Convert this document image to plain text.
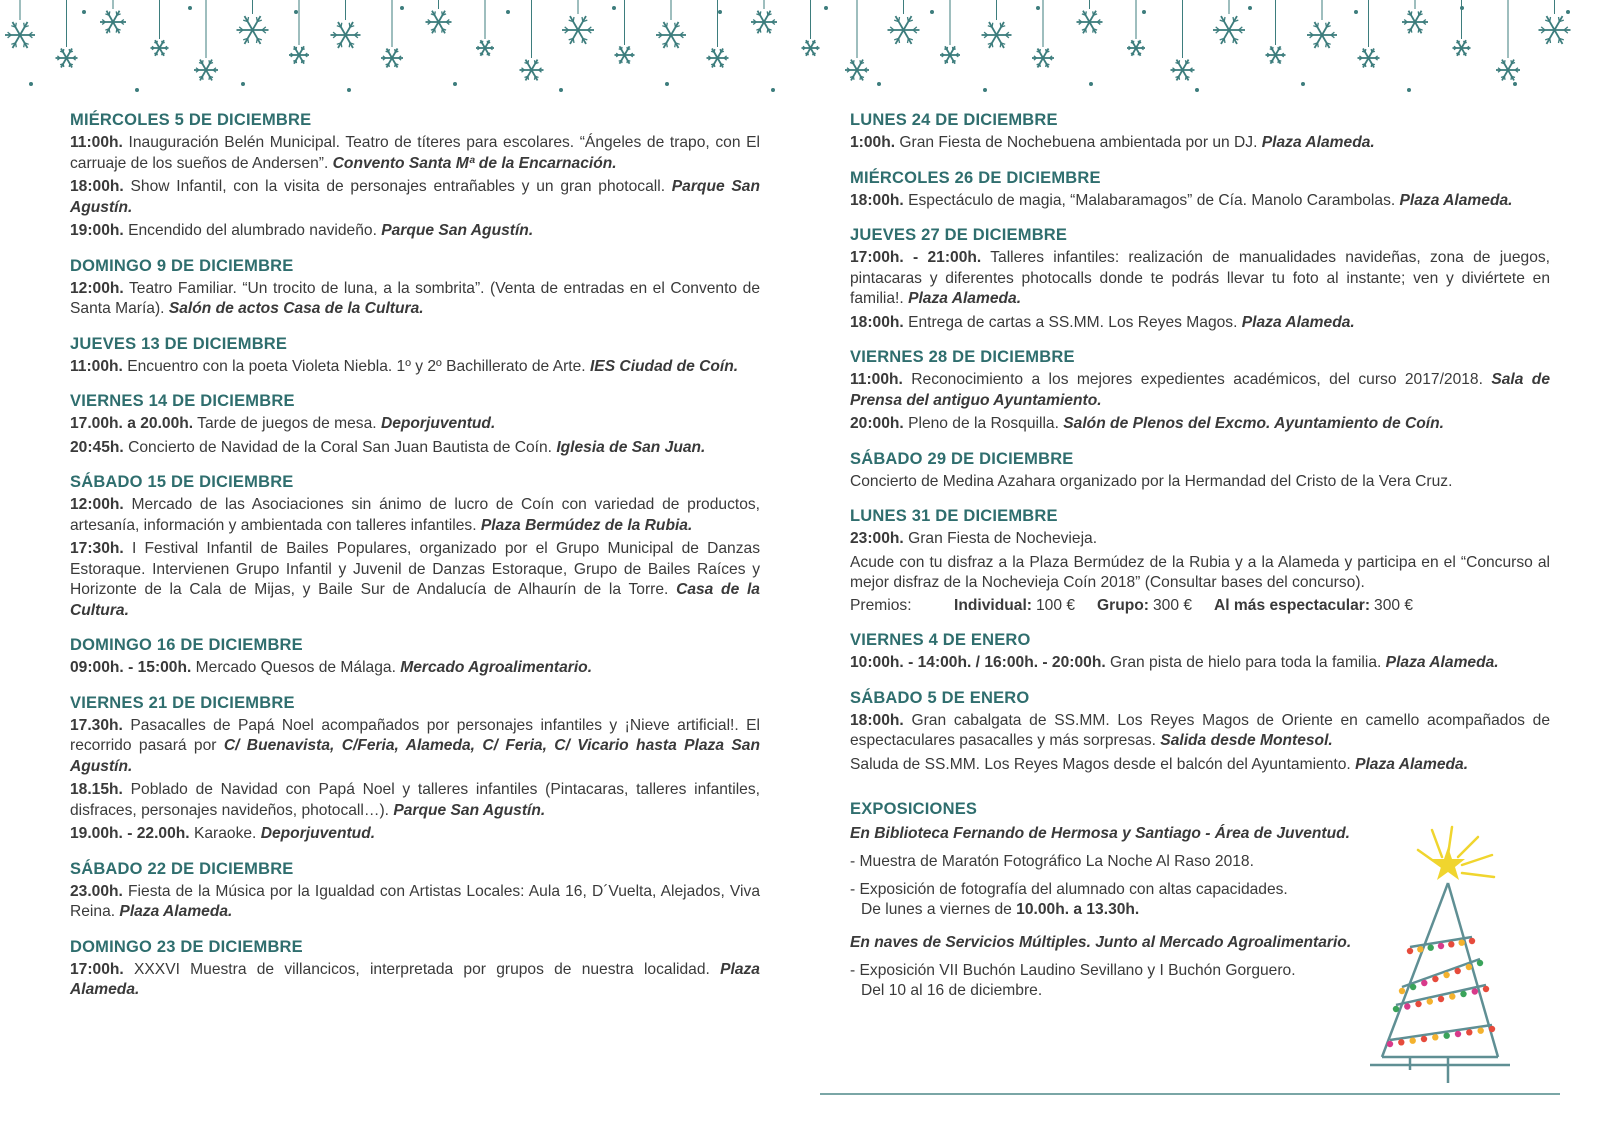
MIÉRCOLES 5 DE DICIEMBRE
11:00h. Inauguración Belén Municipal. Teatro de títeres para escolares. “Ángeles de trapo, con El carruaje de los sueños de Andersen”. Convento Santa Mª de la Encarnación.
18:00h. Show Infantil, con la visita de personajes entrañables y un gran photocall. Parque San Agustín.
19:00h. Encendido del alumbrado navideño. Parque San Agustín.
DOMINGO 9 DE DICIEMBRE
12:00h. Teatro Familiar. “Un trocito de luna, a la sombrita”. (Venta de entradas en el Convento de Santa María). Salón de actos Casa de la Cultura.
JUEVES 13 DE DICIEMBRE
11:00h. Encuentro con la poeta Violeta Niebla. 1º y 2º Bachillerato de Arte. IES Ciudad de Coín.
VIERNES 14 DE DICIEMBRE
17.00h. a 20.00h. Tarde de juegos de mesa. Deporjuventud.
20:45h. Concierto de Navidad de la Coral San Juan Bautista de Coín. Iglesia de San Juan.
SÁBADO 15 DE DICIEMBRE
12:00h. Mercado de las Asociaciones sin ánimo de lucro de Coín con variedad de productos, artesanía, información y ambientada con talleres infantiles. Plaza Bermúdez de la Rubia.
17:30h. I Festival Infantil de Bailes Populares, organizado por el Grupo Municipal de Danzas Estoraque. Intervienen Grupo Infantil y Juvenil de Danzas Estoraque, Grupo de Bailes Raíces y Horizonte de la Cala de Mijas, y Baile Sur de Andalucía de Alhaurín de la Torre. Casa de la Cultura.
DOMINGO 16 DE DICIEMBRE
09:00h. - 15:00h. Mercado Quesos de Málaga. Mercado Agroalimentario.
VIERNES 21 DE DICIEMBRE
17.30h. Pasacalles de Papá Noel acompañados por personajes infantiles y ¡Nieve artificial!. El recorrido pasará por C/ Buenavista, C/Feria, Alameda, C/ Feria, C/ Vicario hasta Plaza San Agustín.
18.15h. Poblado de Navidad con Papá Noel y talleres infantiles (Pintacaras, talleres infantiles, disfraces, personajes navideños, photocall…). Parque San Agustín.
19.00h. - 22.00h. Karaoke. Deporjuventud.
SÁBADO 22 DE DICIEMBRE
23.00h. Fiesta de la Música por la Igualdad con Artistas Locales: Aula 16, D´Vuelta, Alejados, Viva Reina. Plaza Alameda.
DOMINGO 23 DE DICIEMBRE
17:00h. XXXVI Muestra de villancicos, interpretada por grupos de nuestra localidad. Plaza Alameda.
LUNES 24 DE DICIEMBRE
1:00h. Gran Fiesta de Nochebuena ambientada por un DJ. Plaza Alameda.
MIÉRCOLES 26 DE DICIEMBRE
18:00h. Espectáculo de magia, “Malabaramagos” de Cía. Manolo Carambolas. Plaza Alameda.
JUEVES 27 DE DICIEMBRE
17:00h. - 21:00h. Talleres infantiles: realización de manualidades navideñas, zona de juegos, pintacaras y diferentes photocalls donde te podrás llevar tu foto al instante; ven y diviértete en familia!. Plaza Alameda.
18:00h. Entrega de cartas a SS.MM. Los Reyes Magos. Plaza Alameda.
VIERNES 28 DE DICIEMBRE
11:00h. Reconocimiento a los mejores expedientes académicos, del curso 2017/2018. Sala de Prensa del antiguo Ayuntamiento.
20:00h. Pleno de la Rosquilla. Salón de Plenos del Excmo. Ayuntamiento de Coín.
SÁBADO 29 DE DICIEMBRE
Concierto de Medina Azahara organizado por la Hermandad del Cristo de la Vera Cruz.
LUNES 31 DE DICIEMBRE
23:00h. Gran Fiesta de Nochevieja.
Acude con tu disfraz a la Plaza Bermúdez de la Rubia y a la Alameda y participa en el “Concurso al mejor disfraz de la Nochevieja Coín 2018” (Consultar bases del concurso).
Premios:	Individual: 100 € Grupo: 300 € Al más espectacular: 300 €
VIERNES 4 DE ENERO
10:00h. - 14:00h. / 16:00h. - 20:00h. Gran pista de hielo para toda la familia. Plaza Alameda.
SÁBADO 5 DE ENERO
18:00h. Gran cabalgata de SS.MM. Los Reyes Magos de Oriente en camello acompañados de espectaculares pasacalles y más sorpresas. Salida desde Montesol.
Saluda de SS.MM. Los Reyes Magos desde el balcón del Ayuntamiento. Plaza Alameda.
EXPOSICIONES
En Biblioteca Fernando de Hermosa y Santiago - Área de Juventud.
- Muestra de Maratón Fotográfico La Noche Al Raso 2018.
- Exposición de fotografía del alumnado con altas capacidades.
De lunes a viernes de 10.00h. a 13.30h.
En naves de Servicios Múltiples. Junto al Mercado Agroalimentario.
- Exposición VII Buchón Laudino Sevillano y I Buchón Gorguero.
Del 10 al 16 de diciembre.
